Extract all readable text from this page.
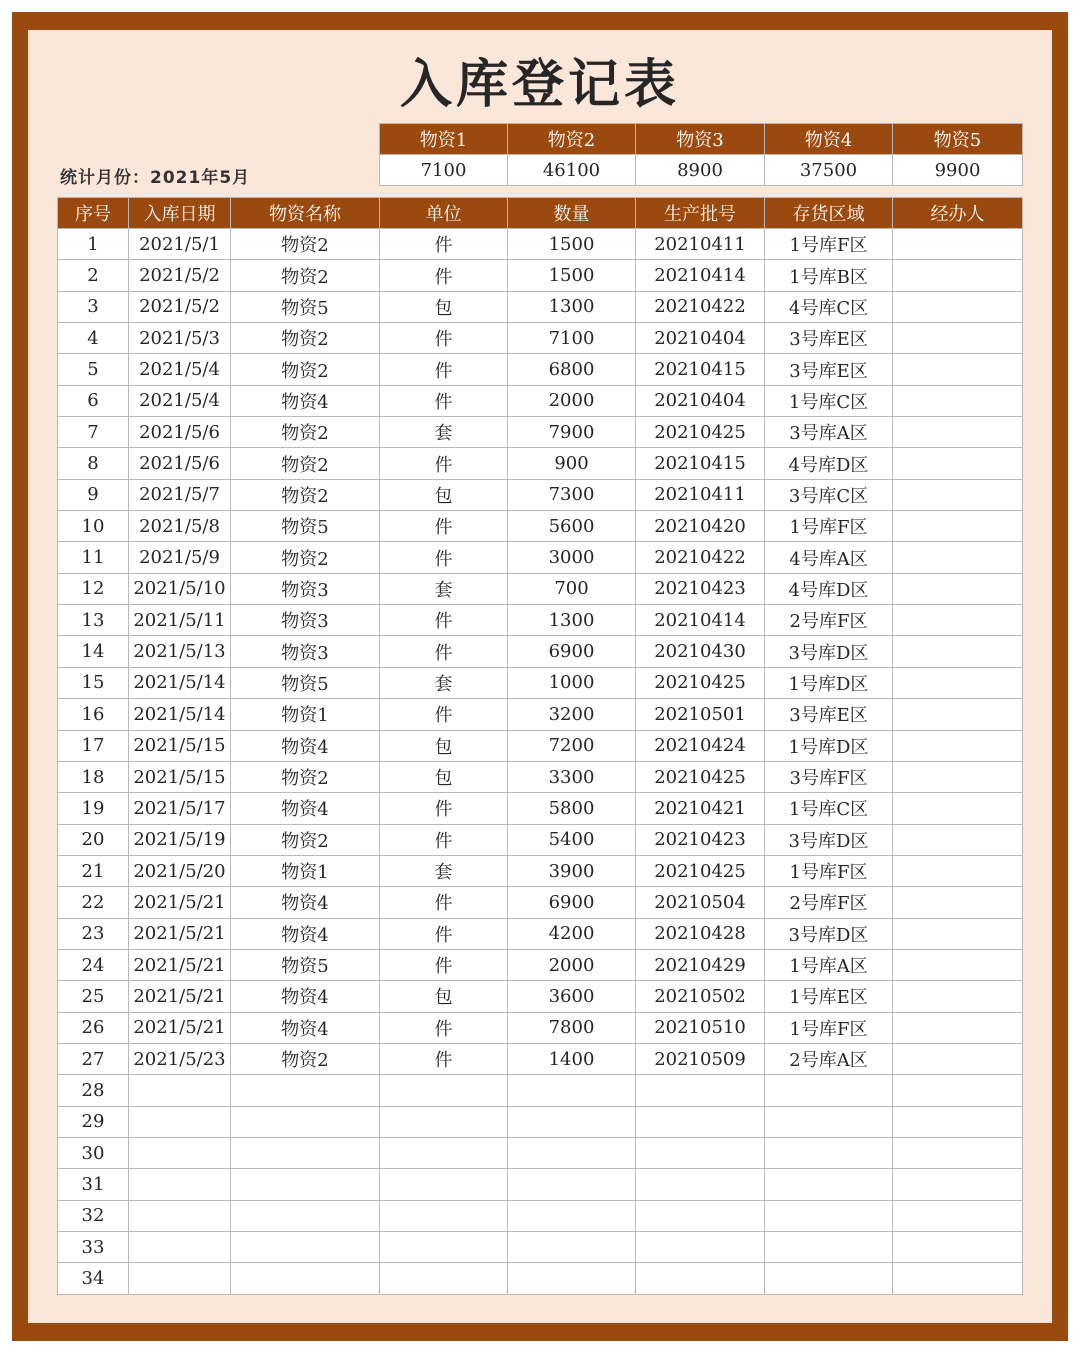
入库登记表
统计月份：2021年5月
物资1	物资2	物资3	物资4	物资5
7100	46100	8900	37500	9900
序号	入库日期	物资名称	单位	数量	生产批号	存货区域	经办人
1	2021/5/1	物资2	件	1500	20210411	1号库F区	
2	2021/5/2	物资2	件	1500	20210414	1号库B区	
3	2021/5/2	物资5	包	1300	20210422	4号库C区	
4	2021/5/3	物资2	件	7100	20210404	3号库E区	
5	2021/5/4	物资2	件	6800	20210415	3号库E区	
6	2021/5/4	物资4	件	2000	20210404	1号库C区	
7	2021/5/6	物资2	套	7900	20210425	3号库A区	
8	2021/5/6	物资2	件	900	20210415	4号库D区	
9	2021/5/7	物资2	包	7300	20210411	3号库C区	
10	2021/5/8	物资5	件	5600	20210420	1号库F区	
11	2021/5/9	物资2	件	3000	20210422	4号库A区	
12	2021/5/10	物资3	套	700	20210423	4号库D区	
13	2021/5/11	物资3	件	1300	20210414	2号库F区	
14	2021/5/13	物资3	件	6900	20210430	3号库D区	
15	2021/5/14	物资5	套	1000	20210425	1号库D区	
16	2021/5/14	物资1	件	3200	20210501	3号库E区	
17	2021/5/15	物资4	包	7200	20210424	1号库D区	
18	2021/5/15	物资2	包	3300	20210425	3号库F区	
19	2021/5/17	物资4	件	5800	20210421	1号库C区	
20	2021/5/19	物资2	件	5400	20210423	3号库D区	
21	2021/5/20	物资1	套	3900	20210425	1号库F区	
22	2021/5/21	物资4	件	6900	20210504	2号库F区	
23	2021/5/21	物资4	件	4200	20210428	3号库D区	
24	2021/5/21	物资5	件	2000	20210429	1号库A区	
25	2021/5/21	物资4	包	3600	20210502	1号库E区	
26	2021/5/21	物资4	件	7800	20210510	1号库F区	
27	2021/5/23	物资2	件	1400	20210509	2号库A区	
28							
29							
30							
31							
32							
33							
34							
